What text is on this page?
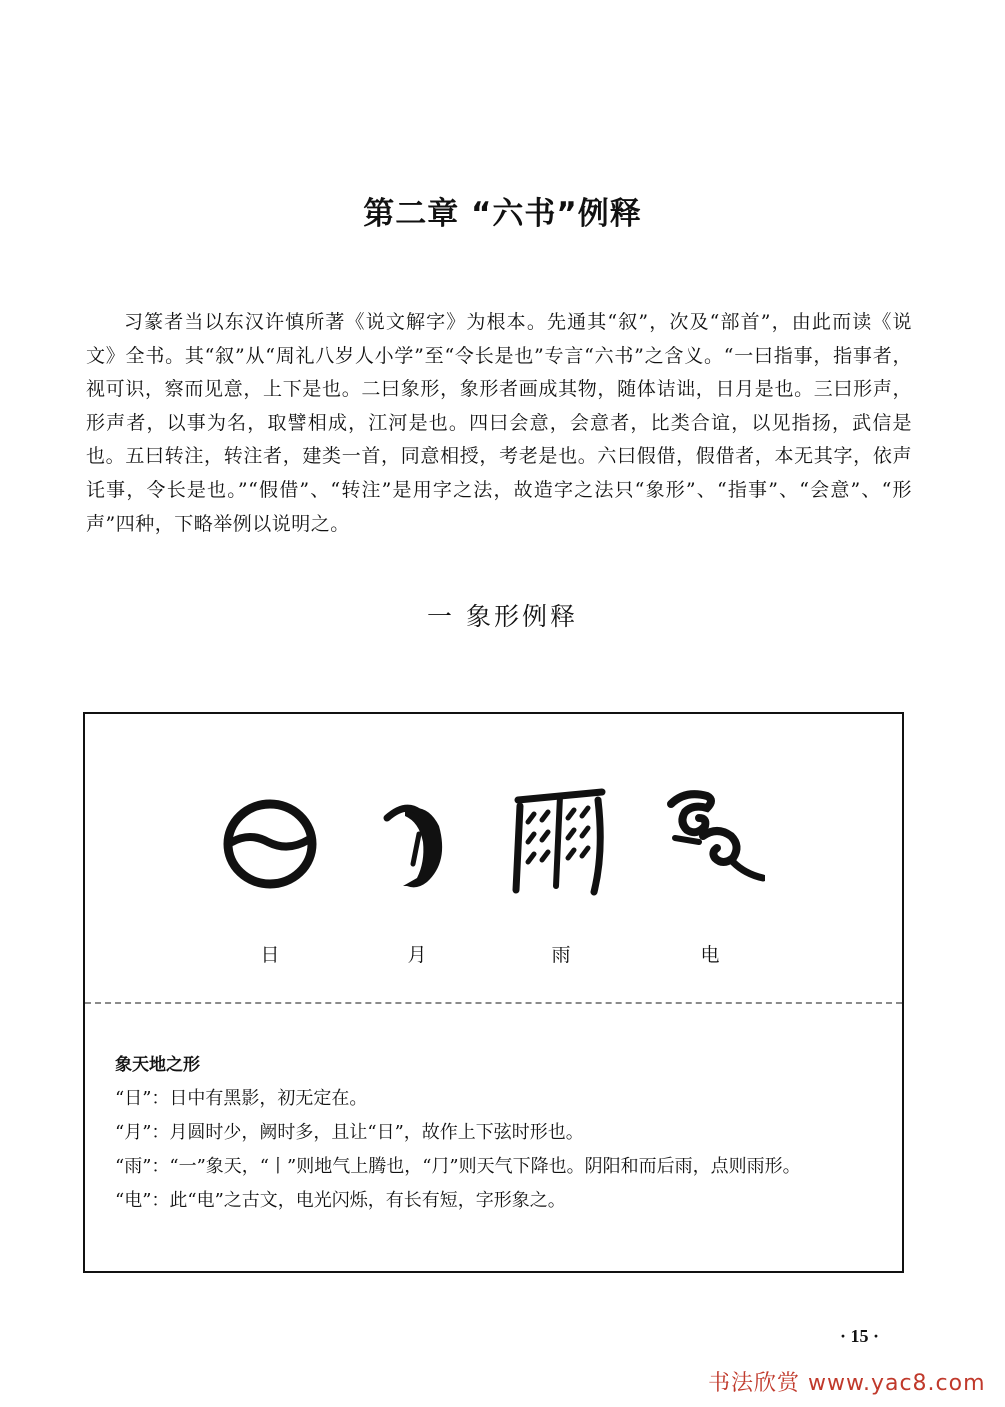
第二章 “六书”例释

习篆者当以东汉许慎所著《说文解字》为根本。先通其“叙”，次及“部首”，由此而读《说文》全书。其“叙”从“周礼八岁人小学”至“令长是也”专言“六书”之含义。“一曰指事，指事者，视可识，察而见意，上下是也。二曰象形，象形者画成其物，随体诘诎，日月是也。三曰形声，形声者，以事为名，取譬相成，江河是也。四曰会意，会意者，比类合谊，以见指扬，武信是也。五曰转注，转注者，建类一首，同意相授，考老是也。六曰假借，假借者，本无其字，依声讬事，令长是也。”“假借”、“转注”是用字之法，故造字之法只“象形”、“指事”、“会意”、“形声”四种，下略举例以说明之。

一 象形例释
日	月	雨	电
象天地之形

“日”：日中有黑影，初无定在。

“月”：月圆时少，阙时多，且让“日”，故作上下弦时形也。

“雨”：“一”象天，“丨”则地气上腾也，“⺆”则天气下降也。阴阳和而后雨，点则雨形。

“电”：此“电”之古文，电光闪烁，有长有短，字形象之。

· 15 ·
书法欣赏 www.yac8.com
